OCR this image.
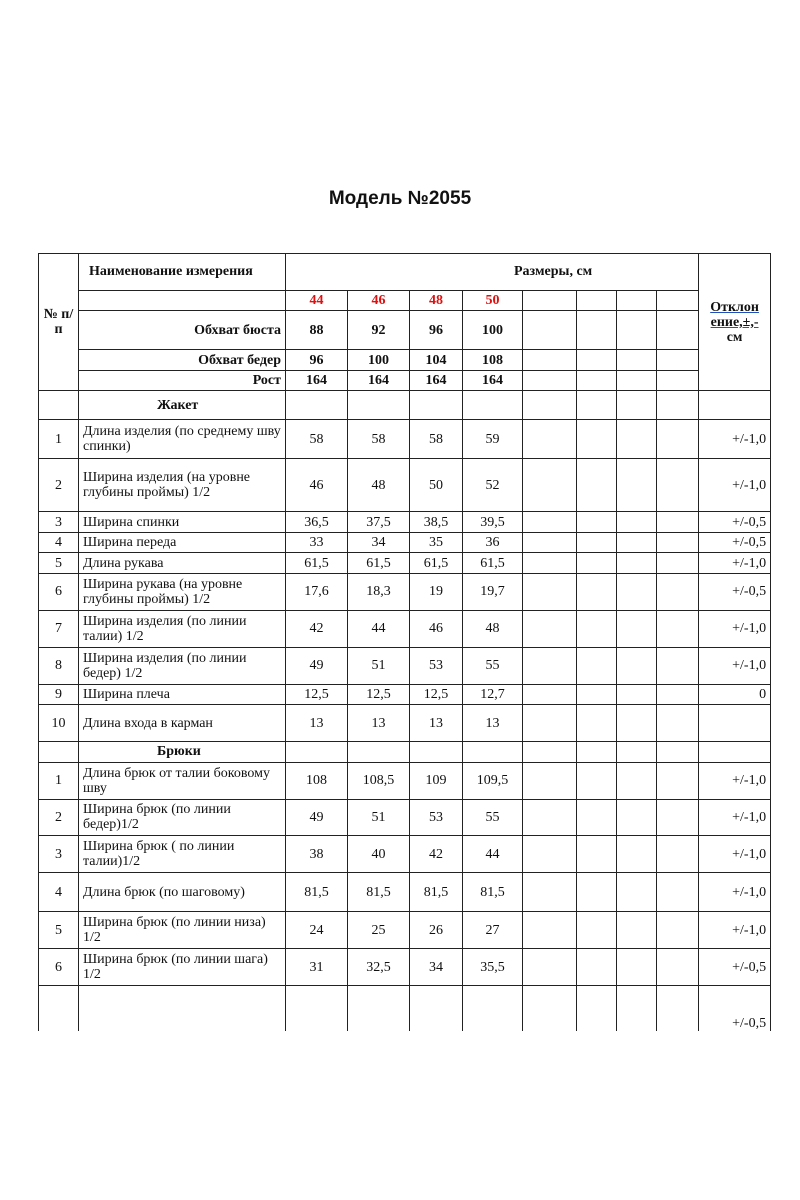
Модель №2055
№ п/п	Наименование измерения	Размеры, см								Отклон
ение,±,-
см
		44	46	48	50					
	Обхват бюста	88	92	96	100					
	Обхват бедер	96	100	104	108					
	Рост	164	164	164	164					
	Жакет									
1	Длина изделия (по среднему шву спинки)	58	58	58	59					+/-1,0
2	Ширина изделия (на уровне глубины проймы) 1/2	46	48	50	52					+/-1,0
3	Ширина спинки	36,5	37,5	38,5	39,5					+/-0,5
4	Ширина переда	33	34	35	36					+/-0,5
5	Длина рукава	61,5	61,5	61,5	61,5					+/-1,0
6	Ширина рукава (на уровне глубины проймы) 1/2	17,6	18,3	19	19,7					+/-0,5
7	Ширина изделия (по линии талии) 1/2	42	44	46	48					+/-1,0
8	Ширина изделия (по линии бедер) 1/2	49	51	53	55					+/-1,0
9	Ширина плеча	12,5	12,5	12,5	12,7					0
10	Длина входа в карман	13	13	13	13					
	Брюки									
1	Длина брюк от талии боковому шву	108	108,5	109	109,5					+/-1,0
2	Ширина брюк (по линии бедер)1/2	49	51	53	55					+/-1,0
3	Ширина брюк ( по линии талии)1/2	38	40	42	44					+/-1,0
4	Длина брюк (по шаговому)	81,5	81,5	81,5	81,5					+/-1,0
5	Ширина брюк (по линии низа) 1/2	24	25	26	27					+/-1,0
6	Ширина брюк (по линии шага) 1/2	31	32,5	34	35,5					+/-0,5
										+/-0,5
